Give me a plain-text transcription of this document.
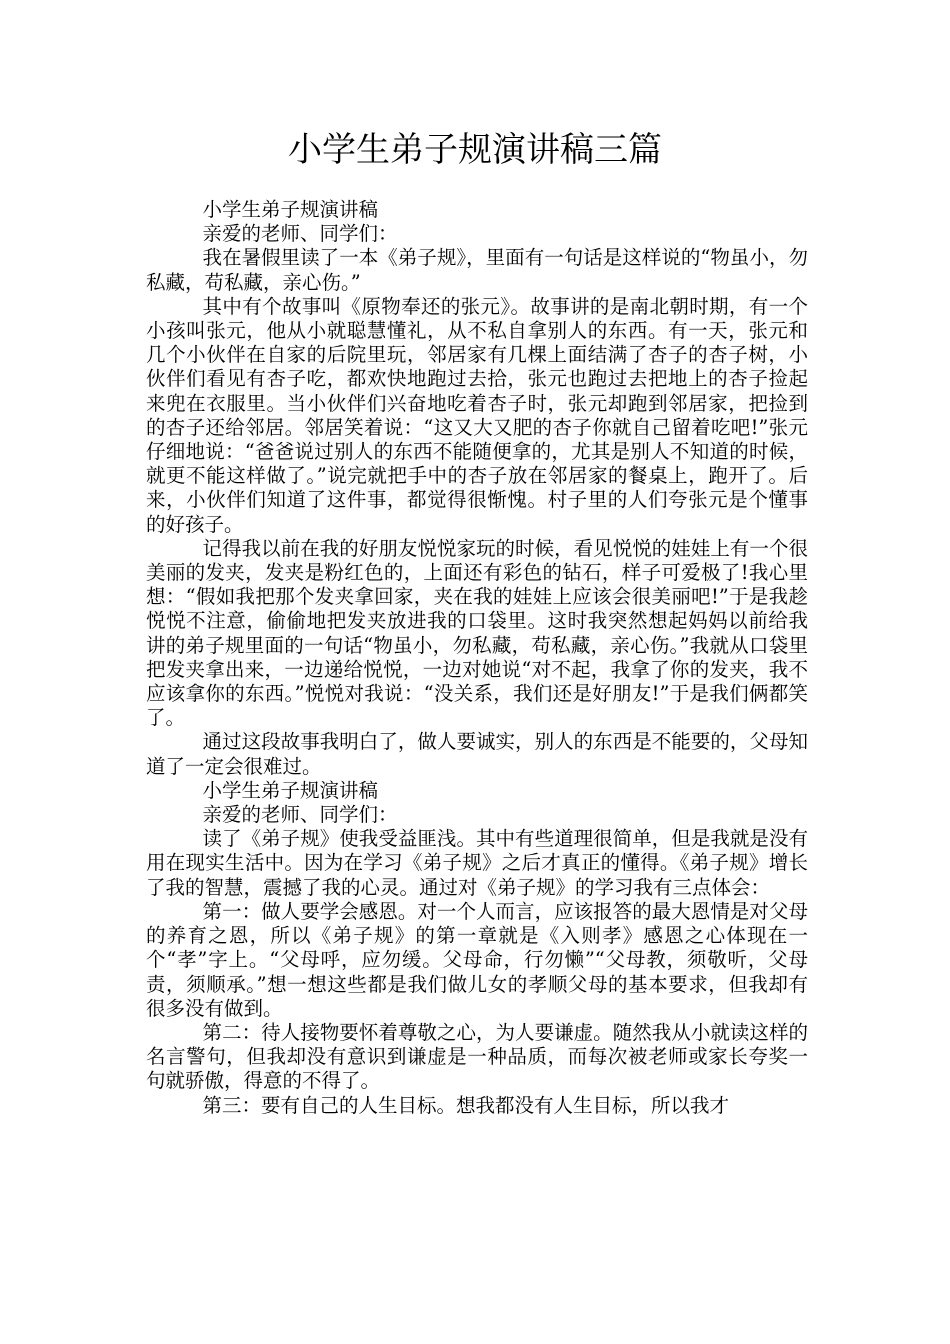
小学生弟子规演讲稿三篇

小学生弟子规演讲稿

亲爱的老师、同学们：

我在暑假里读了一本《弟子规》，里面有一句话是这样说的“物虽小，勿私藏，苟私藏，亲心伤。”

其中有个故事叫《原物奉还的张元》。故事讲的是南北朝时期，有一个小孩叫张元，他从小就聪慧懂礼，从不私自拿别人的东西。有一天，张元和几个小伙伴在自家的后院里玩，邻居家有几棵上面结满了杏子的杏子树，小伙伴们看见有杏子吃，都欢快地跑过去拾，张元也跑过去把地上的杏子捡起来兜在衣服里。当小伙伴们兴奋地吃着杏子时，张元却跑到邻居家，把捡到的杏子还给邻居。邻居笑着说：“这又大又肥的杏子你就自己留着吃吧!”张元仔细地说：“爸爸说过别人的东西不能随便拿的，尤其是别人不知道的时候，就更不能这样做了。”说完就把手中的杏子放在邻居家的餐桌上，跑开了。后来，小伙伴们知道了这件事，都觉得很惭愧。村子里的人们夸张元是个懂事的好孩子。

记得我以前在我的好朋友悦悦家玩的时候，看见悦悦的娃娃上有一个很美丽的发夹，发夹是粉红色的，上面还有彩色的钻石，样子可爱极了!我心里想：“假如我把那个发夹拿回家，夹在我的娃娃上应该会很美丽吧!”于是我趁悦悦不注意，偷偷地把发夹放进我的口袋里。这时我突然想起妈妈以前给我讲的弟子规里面的一句话“物虽小，勿私藏，苟私藏，亲心伤。”我就从口袋里把发夹拿出来，一边递给悦悦，一边对她说“对不起，我拿了你的发夹，我不应该拿你的东西。”悦悦对我说：“没关系，我们还是好朋友!”于是我们俩都笑了。

通过这段故事我明白了，做人要诚实，别人的东西是不能要的，父母知道了一定会很难过。

小学生弟子规演讲稿

亲爱的老师、同学们：

读了《弟子规》使我受益匪浅。其中有些道理很简单，但是我就是没有用在现实生活中。因为在学习《弟子规》之后才真正的懂得。《弟子规》增长了我的智慧，震撼了我的心灵。通过对《弟子规》的学习我有三点体会：

第一：做人要学会感恩。对一个人而言，应该报答的最大恩情是对父母的养育之恩，所以《弟子规》的第一章就是《入则孝》感恩之心体现在一个“孝”字上。“父母呼，应勿缓。父母命，行勿懒”“父母教，须敬听，父母责，须顺承。”想一想这些都是我们做儿女的孝顺父母的基本要求，但我却有很多没有做到。

第二：待人接物要怀着尊敬之心，为人要谦虚。随然我从小就读这样的名言警句，但我却没有意识到谦虚是一种品质，而每次被老师或家长夸奖一句就骄傲，得意的不得了。

第三：要有自己的人生目标。想我都没有人生目标，所以我才
